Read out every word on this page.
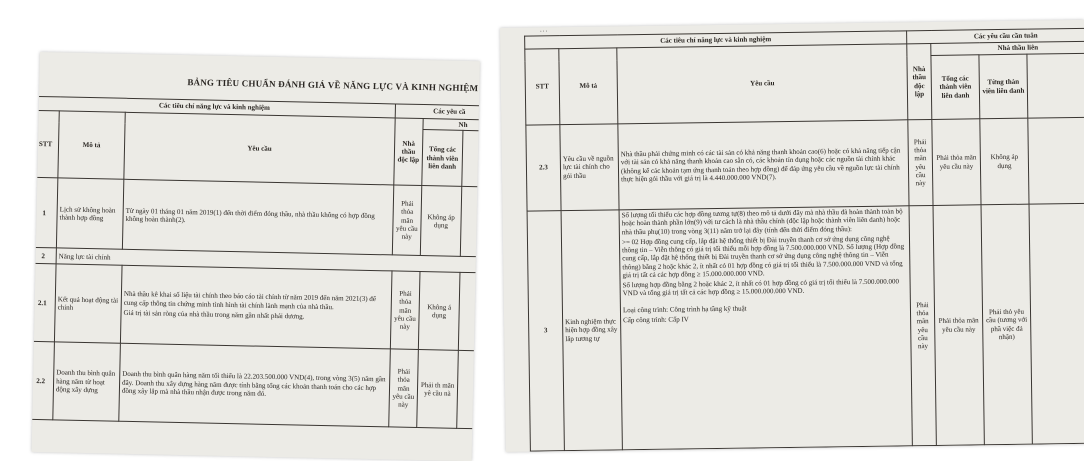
BẢNG TIÊU CHUẨN ĐÁNH GIÁ VỀ NĂNG LỰC VÀ KINH NGHIỆM
Các tiêu chí năng lực và kinh nghiệm			Các yêu cầ		
STT	Mô tả	Yêu cầu	Nhà thầu độc lập	Nh	
				Tổng các thành viên liên danh	
1	Lịch sử không hoàn thành hợp đồng	Từ ngày 01 tháng 01 năm 2019(1) đến thời điểm đóng thầu, nhà thầu không có hợp đồng không hoàn thành(2).	Phải thỏa mãn yêu cầu này	Không áp dụng	
2	Năng lực tài chính				
2.1	Kết quả hoạt động tài chính	Nhà thầu kê khai số liệu tài chính theo báo cáo tài chính từ năm 2019 đến năm 2021(3) để cung cấp thông tin chứng minh tình hình tài chính lành mạnh của nhà thầu.

Giá trị tài sản ròng của nhà thầu trong năm gần nhất phải dương.	Phải thỏa mãn yêu cầu này	Không á dụng	
2.2	Doanh thu bình quân hàng năm từ hoạt động xây dựng	Doanh thu bình quân hàng năm tối thiểu là 22.203.500.000 VND(4), trong vòng 3(5) năm gần đây. Doanh thu xây dựng hàng năm được tính bằng tổng các khoản thanh toán cho các hợp đồng xây lắp mà nhà thầu nhận được trong năm đó.	Phải thỏa mãn yêu cầu này	Phải th mãn yê cầu nà	
...
Các tiêu chí năng lực và kinh nghiệm			Các yêu cầu cần tuân			
STT	Mô tả	Yêu cầu	Nhà thầu độc lập	Nhà thầu liên		
				Tổng các thành viên liên danh	Từng thàn viên liên danh	
2.3	Yêu cầu về nguồn lực tài chính cho gói thầu	Nhà thầu phải chứng minh có các tài sản có khả năng thanh khoản cao(6) hoặc có khả năng tiếp cận với tài sản có khả năng thanh khoản cao sẵn có, các khoản tín dụng hoặc các nguồn tài chính khác (không kể các khoản tạm ứng thanh toán theo hợp đồng) để đáp ứng yêu cầu về nguồn lực tài chính thực hiện gói thầu với giá trị là 4.440.000.000 VND(7).	Phải thỏa mãn yêu cầu này	Phải thỏa mãn yêu cầu này	Không áp dụng	
3	Kinh nghiệm thực hiện hợp đồng xây lắp tương tự	Số lượng tối thiểu các hợp đồng tương tự(8) theo mô tả dưới đây mà nhà thầu đã hoàn thành toàn bộ hoặc hoàn thành phần lớn(9) với tư cách là nhà thầu chính (độc lập hoặc thành viên liên danh) hoặc nhà thầu phụ(10) trong vòng 3(11) năm trở lại đây (tính đến thời điểm đóng thầu):

>= 02 Hợp đồng cung cấp, lắp đặt hệ thống thiết bị Đài truyền thanh cơ sở ứng dụng công nghệ thông tin – Viễn thông có giá trị tối thiểu mỗi hợp đồng là 7.500.000.000 VND. Số lượng (Hợp đồng cung cấp, lắp đặt hệ thống thiết bị Đài truyền thanh cơ sở ứng dụng công nghệ thông tin – Viễn thông) bằng 2 hoặc khác 2, ít nhất có 01 hợp đồng có giá trị tối thiểu là 7.500.000.000 VND và tổng giá trị tất cả các hợp đồng ≥ 15.000.000.000 VND.

Số lượng hợp đồng bằng 2 hoặc khác 2, ít nhất có 01 hợp đồng có giá trị tối thiểu là 7.500.000.000 VND và tổng giá trị tất cả các hợp đồng ≥ 15.000.000.000 VND.

Loại công trình: Công trình hạ tầng kỹ thuật

Cấp công trình: Cấp IV	Phải thỏa mãn yêu cầu này	Phải thỏa mãn yêu cầu này	Phải thỏ yêu cầu (tương với phầ việc đả nhận)	
